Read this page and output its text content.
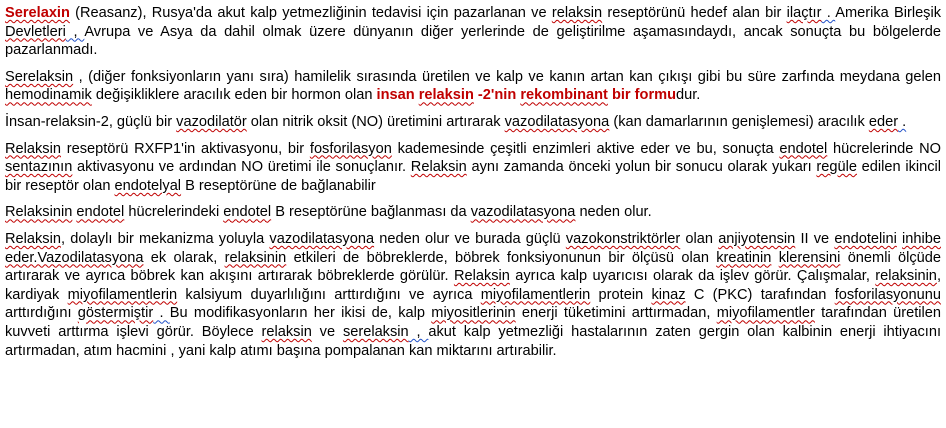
Serelaxin (Reasanz), Rusya'da akut kalp yetmezliğinin tedavisi için pazarlanan ve relaksin reseptörünü hedef alan bir ilaçtır . Amerika Birleşik Devletleri , Avrupa ve Asya da dahil olmak üzere dünyanın diğer yerlerinde de geliştirilme aşamasındaydı, ancak sonuçta bu bölgelerde pazarlanmadı.

Serelaksin , (diğer fonksiyonların yanı sıra) hamilelik sırasında üretilen ve kalp ve kanın artan kan çıkışı gibi bu süre zarfında meydana gelen hemodinamik değişikliklere aracılık eden bir hormon olan insan relaksin -2'nin rekombinant bir formudur.

İnsan-relaksin-2, güçlü bir vazodilatör olan nitrik oksit (NO) üretimini artırarak vazodilatasyona (kan damarlarının genişlemesi) aracılık eder .

Relaksin reseptörü RXFP1'in aktivasyonu, bir fosforilasyon kademesinde çeşitli enzimleri aktive eder ve bu, sonuçta endotel hücrelerinde NO sentazının aktivasyonu ve ardından NO üretimi ile sonuçlanır. Relaksin aynı zamanda önceki yolun bir sonucu olarak yukarı regüle edilen ikincil bir reseptör olan endotelyal B reseptörüne de bağlanabilir

Relaksinin endotel hücrelerindeki endotel B reseptörüne bağlanması da vazodilatasyona neden olur.

Relaksin, dolaylı bir mekanizma yoluyla vazodilatasyona neden olur ve burada güçlü vazokonstriktörler olan anjiyotensin II ve endotelini inhibe eder.Vazodilatasyona ek olarak, relaksinin etkileri de böbreklerde, böbrek fonksiyonunun bir ölçüsü olan kreatinin klerensini önemli ölçüde artırarak ve ayrıca böbrek kan akışını artırarak böbreklerde görülür. Relaksin ayrıca kalp uyarıcısı olarak da işlev görür. Çalışmalar, relaksinin, kardiyak miyofilamentlerin kalsiyum duyarlılığını arttırdığını ve ayrıca miyofilamentlerin protein kinaz C (PKC) tarafından fosforilasyonunu arttırdığını göstermiştir . Bu modifikasyonların her ikisi de, kalp miyositlerinin enerji tüketimini arttırmadan, miyofilamentler tarafından üretilen kuvveti arttırma işlevi görür. Böylece relaksin ve serelaksin , akut kalp yetmezliği hastalarının zaten gergin olan kalbinin enerji ihtiyacını artırmadan, atım hacmini , yani kalp atımı başına pompalanan kan miktarını artırabilir.
